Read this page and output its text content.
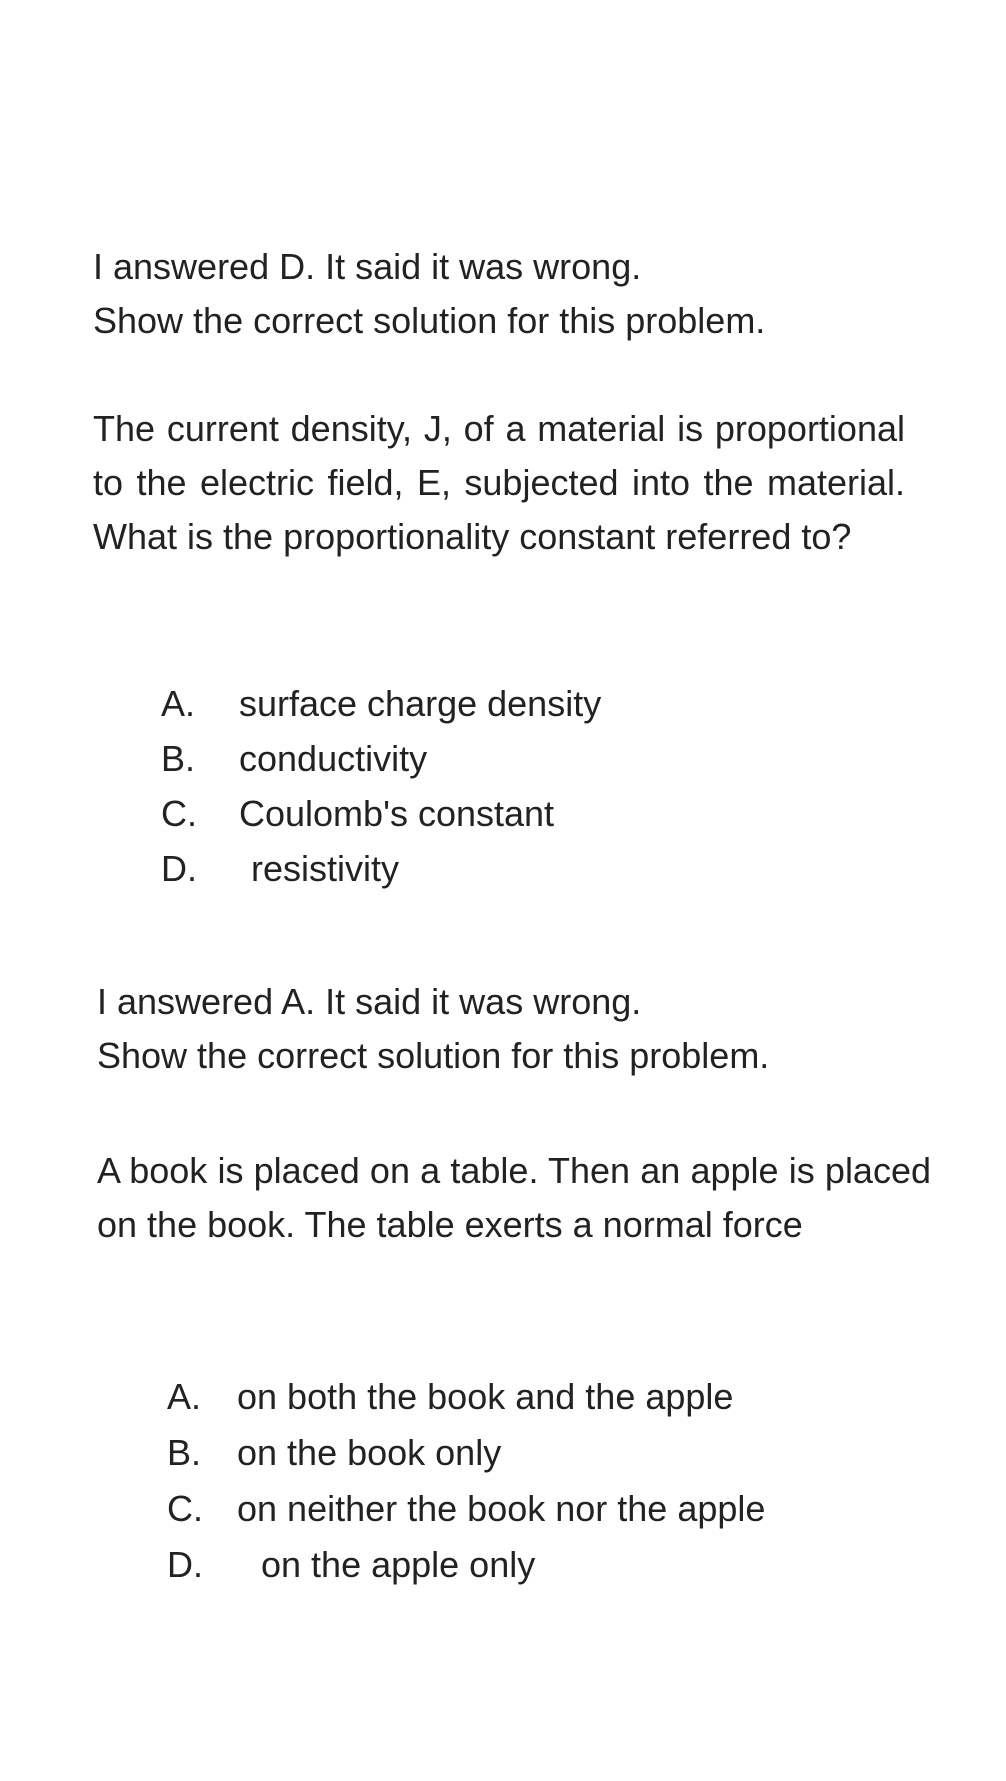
I answered D. It said it was wrong.
Show the correct solution for this problem.
The current density, J, of a material is proportional to the electric field, E, subjected into the material. What is the proportionality constant referred to?
A.	surface charge density
B.	conductivity
C.	Coulomb's constant
D.	resistivity
I answered A. It said it was wrong.
Show the correct solution for this problem.
A book is placed on a table. Then an apple is placed on the book. The table exerts a normal force
A. on both the book and the apple
B. on the book only
C. on neither the book nor the apple
D.	on the apple only
